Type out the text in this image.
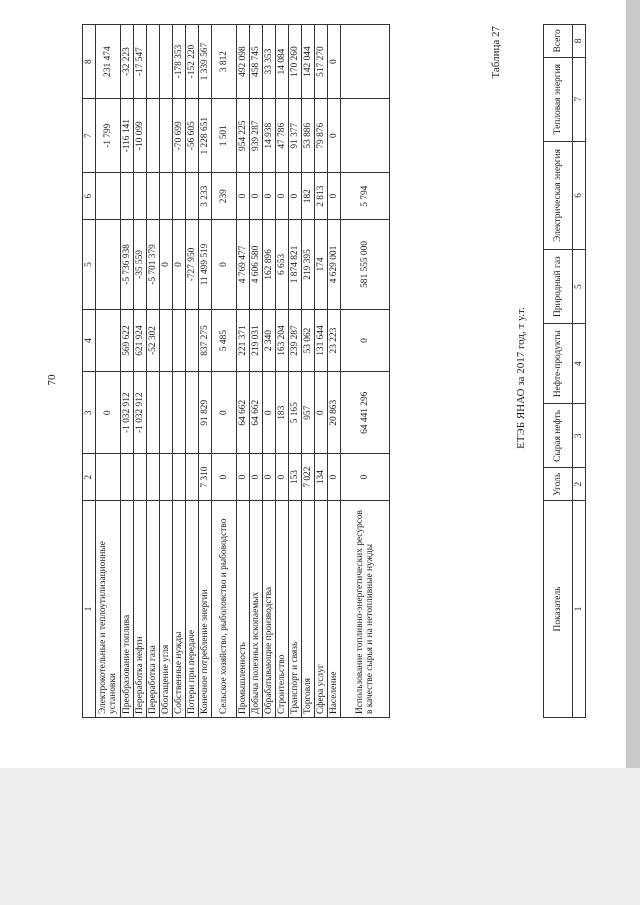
70
1	2	3	4	5	6	7	8
Электрокотельные и теплоутилизационные установки		0				-1 799	231 474
Преобразование топлива		-1 032 912	569 622	-5 736 938		-116 141	-32 223
Переработка нефти		-1 032 912	621 924	-35 559		-10 099	-17 547
Переработка газа			-52 302	-5 701 379			
Обогащение угля				0			
Собственные нужды				0		-70 699	-178 353
Потери при передаче				-727 950		-56 605	-152 220
Конечное потребление энергии	7 310	91 829	837 275	11 499 519	3 233	1 228 651	1 339 567
Сельское хозяйство, рыболовство и рыбоводство	0	0	5 485	0	239	1 501	3 812
Промышленность	0	64 662	221 371	4 769 477	0	954 225	492 098
Добыча полезных ископаемых	0	64 662	219 031	4 606 580	0	939 287	458 745
Обрабатывающие производства	0	0	2 340	162 896	0	14 938	33 353
Строительство	0	183	163 204	6 653	0	47 786	14 084
Транспорт и связь	153	5 165	239 287	1 874 821	0	91 377	170 260
Торговля	7 022	957	53 062	219 395	182	53 886	142 044
Сфера услуг	134	0	131 644	174	2 813	79 876	517 270
Население	0	20 863	23 223	4 629 001	0	0	0
Использование топливно-энергетических ресурсов в качестве сырья и на нетопливные нужды	0	64 441 296	0	581 555 000	5 794		
Таблица 27
ЕТЭБ ЯНАО за 2017 год, т у.т.
Показатель	Уголь	Сырая нефть	Нефте-продукты	Природный газ	Электрическая энергия	Тепловая энергия	Всего
1	2	3	4	5	6	7	8
